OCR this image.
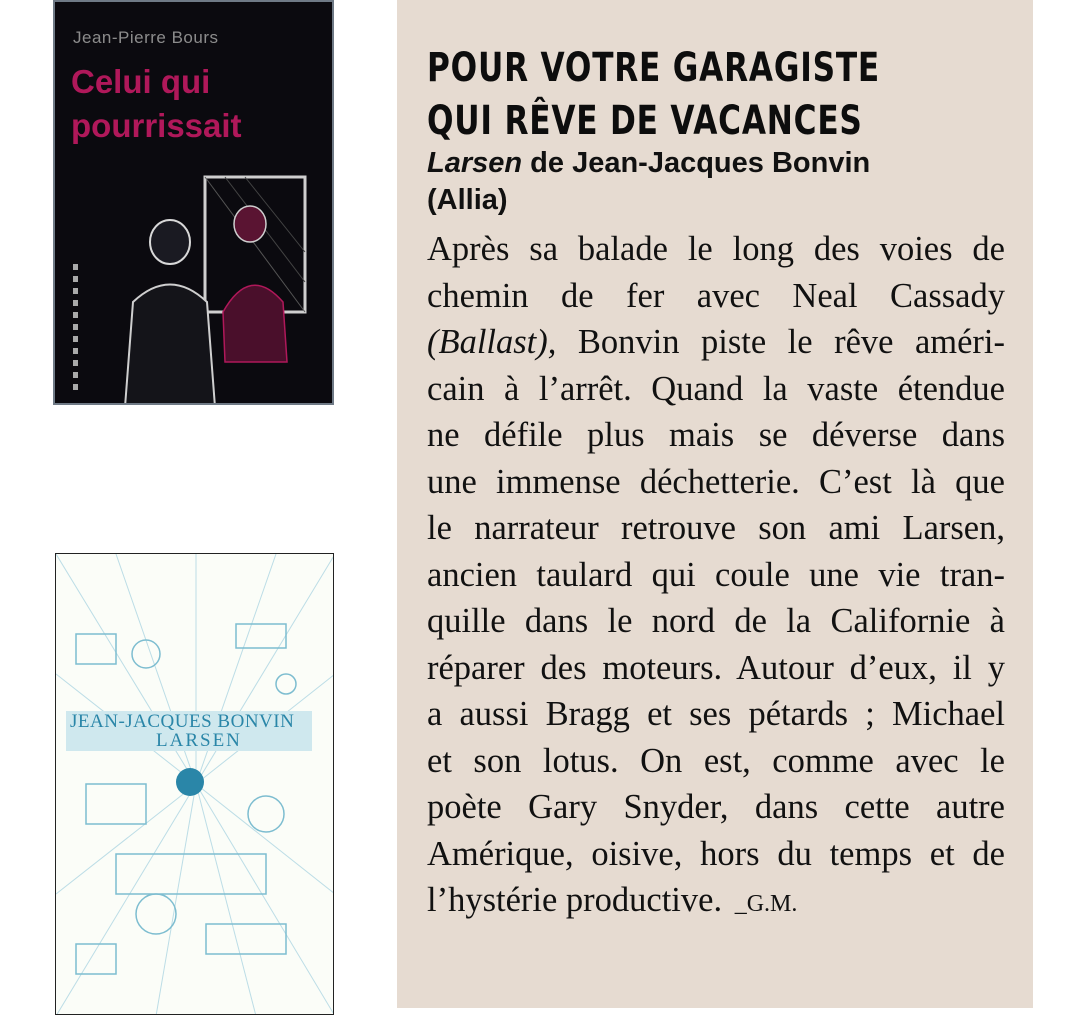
Jean-Pierre Bours
Celui qui
pourrissait
JEAN-JACQUES BONVIN
LARSEN
POUR VOTRE GARAGISTE
QUI RÊVE DE VACANCES
Larsen de Jean-Jacques Bonvin
(Allia)
Après sa balade le long des voies de
chemin de fer avec Neal Cassady
(Ballast), Bonvin piste le rêve améri-
cain à l’arrêt. Quand la vaste étendue
ne défile plus mais se déverse dans
une immense déchetterie. C’est là que
le narrateur retrouve son ami Larsen,
ancien taulard qui coule une vie tran-
quille dans le nord de la Californie à
réparer des moteurs. Autour d’eux, il y
a aussi Bragg et ses pétards ; Michael
et son lotus. On est, comme avec le
poète Gary Snyder, dans cette autre
Amérique, oisive, hors du temps et de
l’hystérie productive. _G.M.
